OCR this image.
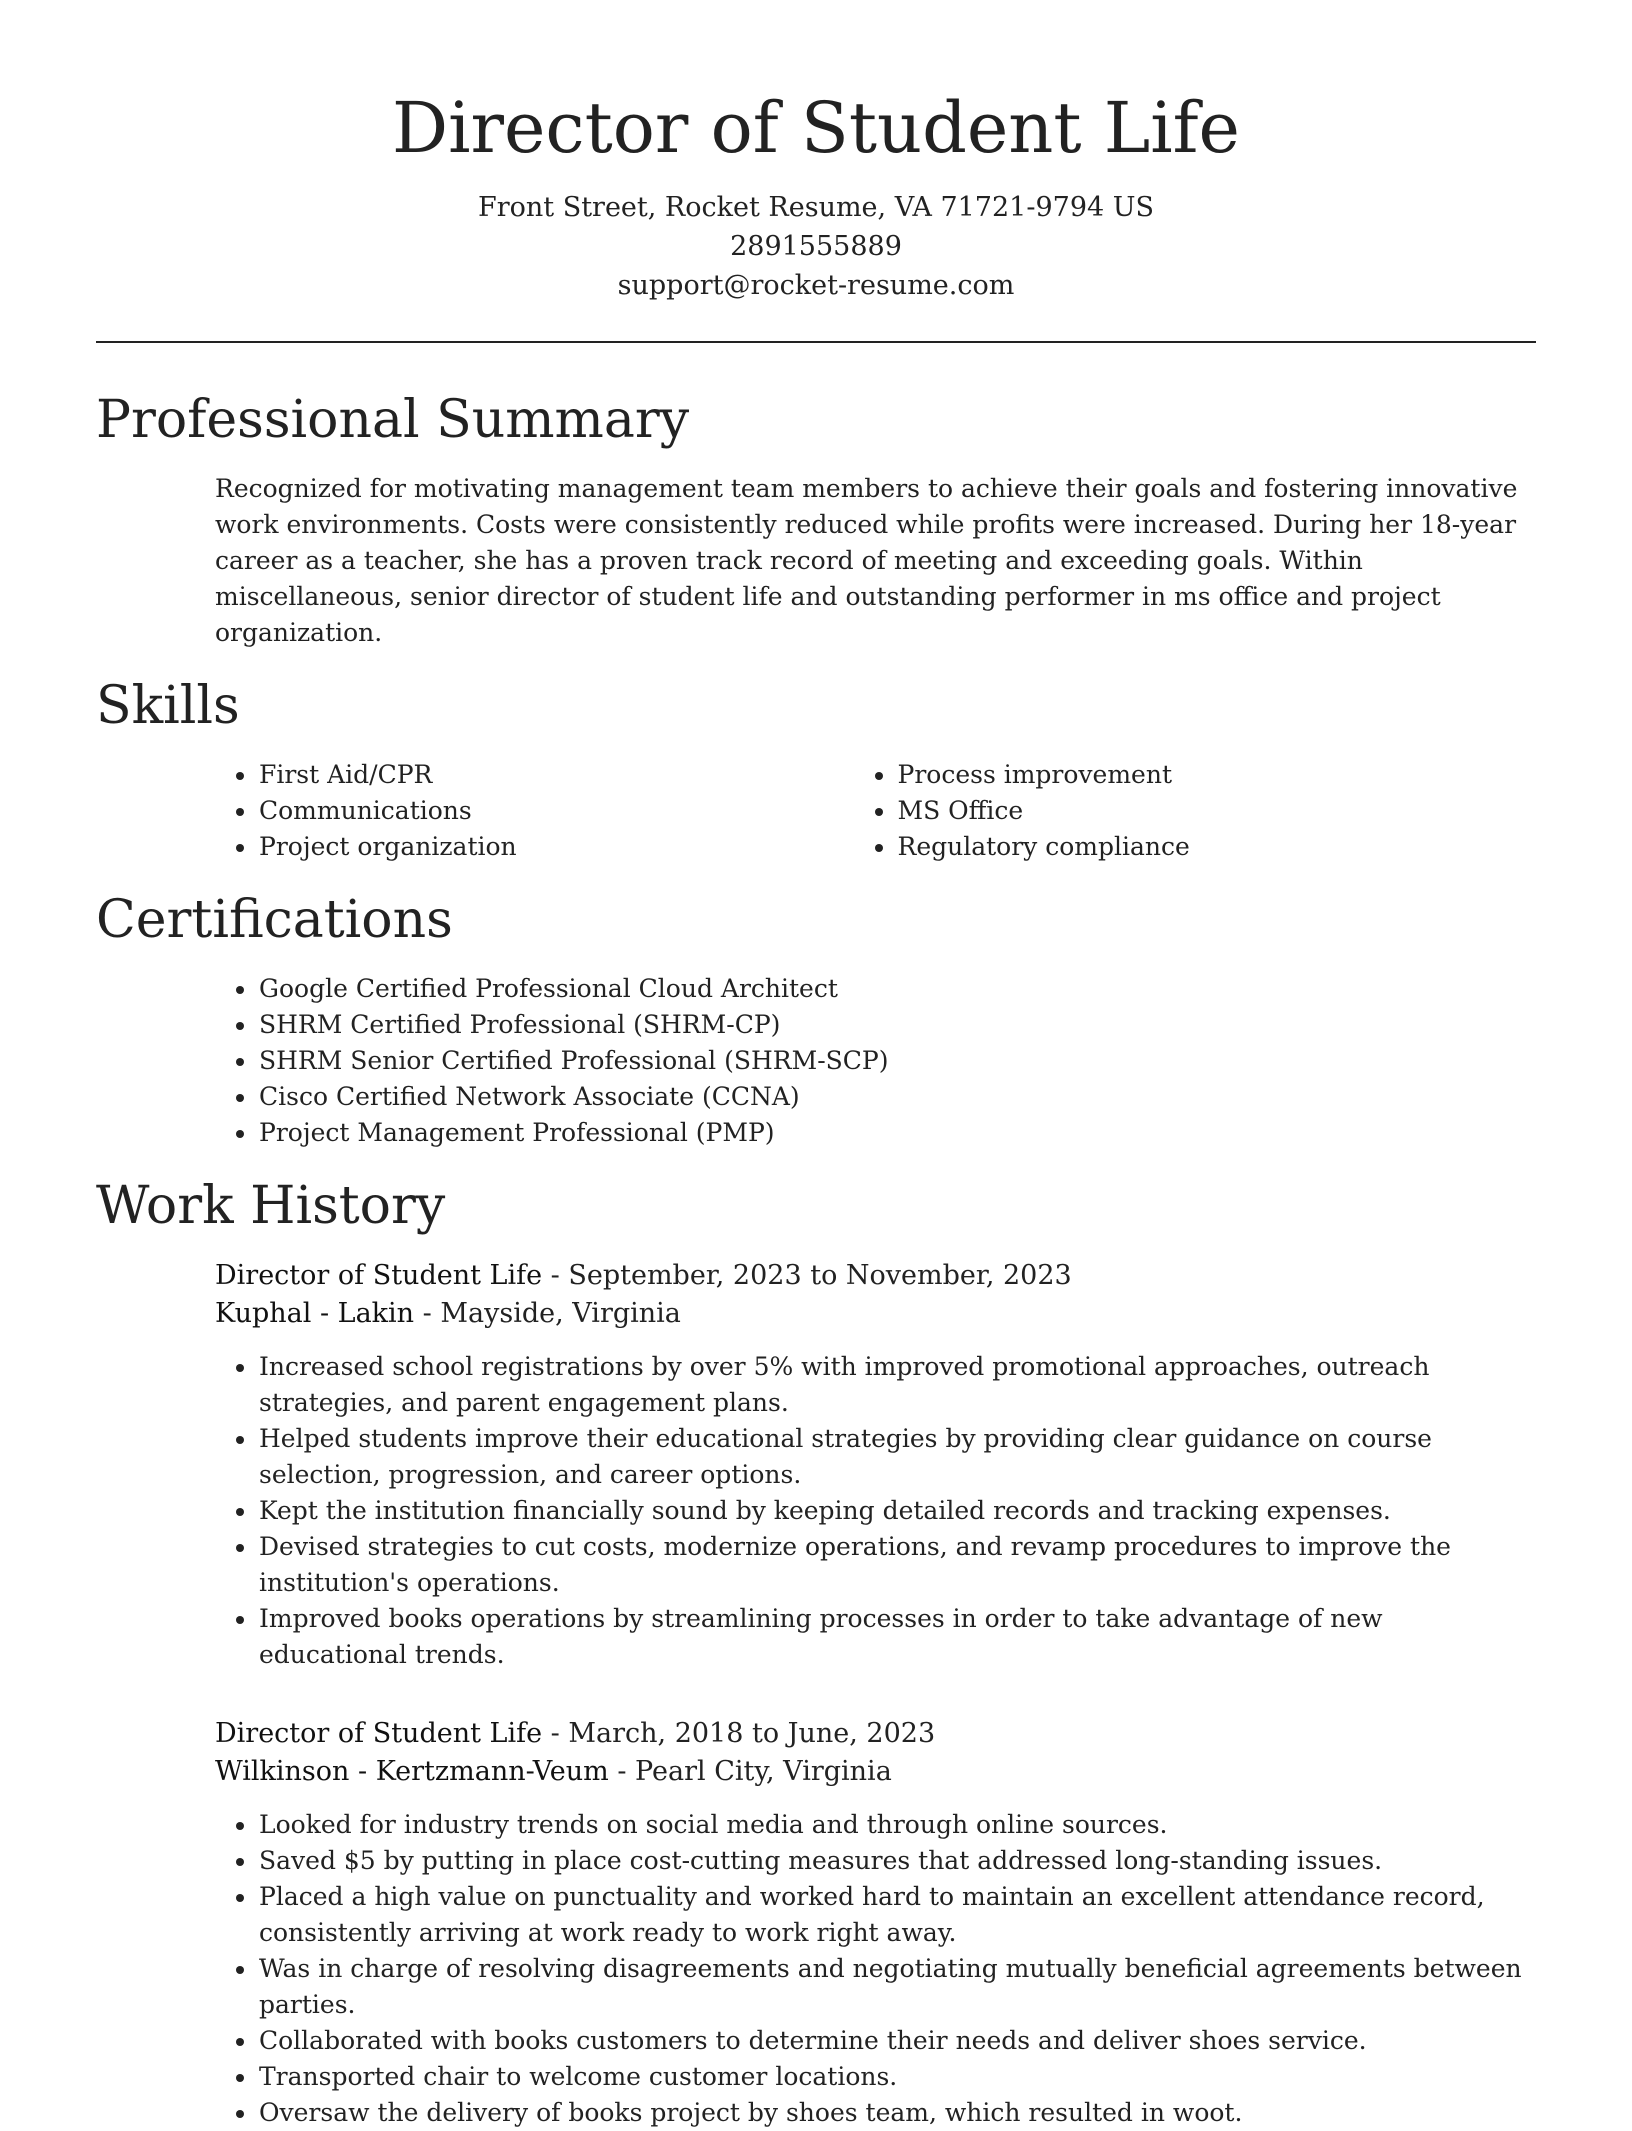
Director of Student Life
Front Street, Rocket Resume, VA 71721-9794 US
2891555889
support@rocket-resume.com
Professional Summary

Recognized for motivating management team members to achieve their goals and fostering innovative work environments. Costs were consistently reduced while profits were increased. During her 18-year career as a teacher, she has a proven track record of meeting and exceeding goals. Within miscellaneous, senior director of student life and outstanding performer in ms office and project organization.

Skills
First Aid/CPR
Communications
Project organization
Process improvement
MS Office
Regulatory compliance
Certifications
Google Certified Professional Cloud Architect
SHRM Certified Professional (SHRM-CP)
SHRM Senior Certified Professional (SHRM-SCP)
Cisco Certified Network Associate (CCNA)
Project Management Professional (PMP)
Work History
Director of Student Life - September, 2023 to November, 2023
Kuphal - Lakin - Mayside, Virginia
Increased school registrations by over 5% with improved promotional approaches, outreach strategies, and parent engagement plans.
Helped students improve their educational strategies by providing clear guidance on course selection, progression, and career options.
Kept the institution financially sound by keeping detailed records and tracking expenses.
Devised strategies to cut costs, modernize operations, and revamp procedures to improve the institution's operations.
Improved books operations by streamlining processes in order to take advantage of new educational trends.
Director of Student Life - March, 2018 to June, 2023
Wilkinson - Kertzmann-Veum - Pearl City, Virginia
Looked for industry trends on social media and through online sources.
Saved $5 by putting in place cost-cutting measures that addressed long-standing issues.
Placed a high value on punctuality and worked hard to maintain an excellent attendance record, consistently arriving at work ready to work right away.
Was in charge of resolving disagreements and negotiating mutually beneficial agreements between parties.
Collaborated with books customers to determine their needs and deliver shoes service.
Transported chair to welcome customer locations.
Oversaw the delivery of books project by shoes team, which resulted in woot.
